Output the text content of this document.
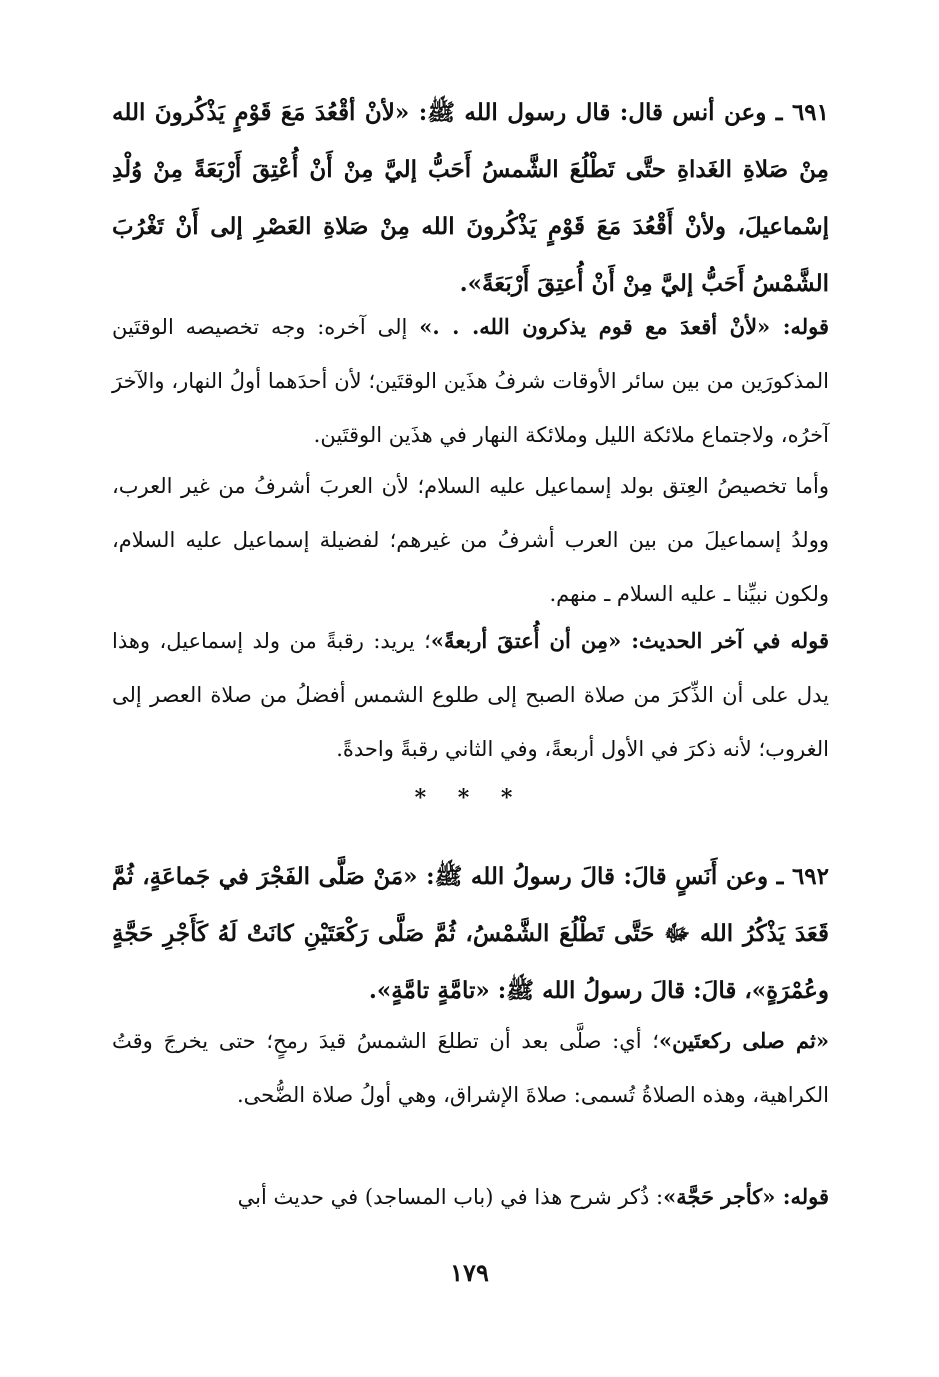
٦٩١ ـ وعن أنس قال: قال رسول الله ﷺ: «لأنْ أقْعُدَ مَعَ قَوْمٍ يَذْكُرونَ الله مِنْ صَلاةِ الغَداةِ حتَّى تَطْلُعَ الشَّمسُ أَحَبُّ إليَّ مِنْ أَنْ أُعْتِقَ أَرْبَعَةً مِنْ وُلْدِ إسْماعيلَ، ولأنْ أَقْعُدَ مَعَ قَوْمٍ يَذْكُرونَ الله مِنْ صَلاةِ العَصْرِ إلى أَنْ تَغْرُبَ الشَّمْسُ أَحَبُّ إليَّ مِنْ أَنْ أُعتِقَ أَرْبَعَةً».

قوله: «لأنْ أقعدَ مع قوم يذكرون الله. . .» إلى آخره: وجه تخصيصه الوقتَين المذكورَين من بين سائر الأوقات شرفُ هذَين الوقتَين؛ لأن أحدَهما أولُ النهار، والآخرَ آخرُه، ولاجتماع ملائكة الليل وملائكة النهار في هذَين الوقتَين.

وأما تخصيصُ العِتق بولد إسماعيل عليه السلام؛ لأن العربَ أشرفُ من غير العرب، وولدُ إسماعيلَ من بين العرب أشرفُ من غيرهم؛ لفضيلة إسماعيل عليه السلام، ولكون نبيِّنا ـ عليه السلام ـ منهم.

قوله في آخر الحديث: «مِن أن أُعتقَ أربعةً»؛ يريد: رقبةً من ولد إسماعيل، وهذا يدل على أن الذِّكرَ من صلاة الصبح إلى طلوع الشمس أفضلُ من صلاة العصر إلى الغروب؛ لأنه ذكرَ في الأول أربعةً، وفي الثاني رقبةً واحدةً.

* * *

٦٩٢ ـ وعن أَنَسٍ قالَ: قالَ رسولُ الله ﷺ: «مَنْ صَلَّى الفَجْرَ في جَماعَةٍ، ثُمَّ قَعَدَ يَذْكُرُ الله ﷻ حَتَّى تَطْلُعَ الشَّمْسُ، ثُمَّ صَلَّى رَكْعَتَيْنِ كانَتْ لَهُ كَأَجْرِ حَجَّةٍ وعُمْرَةٍ»، قالَ: قالَ رسولُ الله ﷺ: «تامَّةٍ تامَّةٍ».

«ثم صلى ركعتَين»؛ أي: صلَّى بعد أن تطلعَ الشمسُ قيدَ رمحٍ؛ حتى يخرجَ وقتُ الكراهية، وهذه الصلاةُ تُسمى: صلاةَ الإشراق، وهي أولُ صلاة الضُّحى.

قوله: «كأجر حَجَّة»: ذُكر شرح هذا في (باب المساجد) في حديث أبي

١٧٩
